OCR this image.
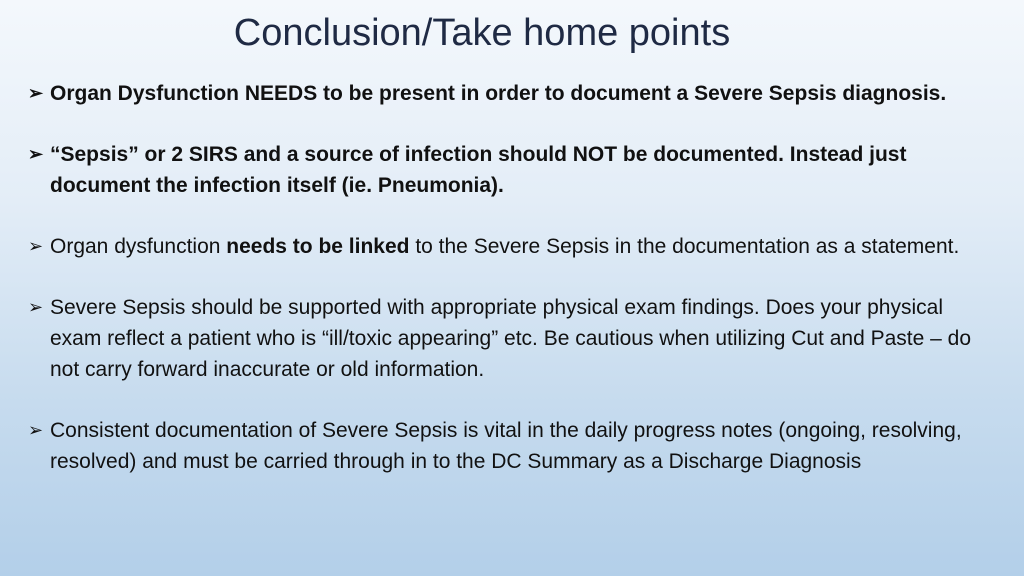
Conclusion/Take home points
➢ Organ Dysfunction NEEDS to be present in order to document a Severe Sepsis diagnosis.
➢ “Sepsis” or 2 SIRS and a source of infection should NOT be documented. Instead just document the infection itself (ie. Pneumonia).
➢ Organ dysfunction needs to be linked to the Severe Sepsis in the documentation as a statement.
➢ Severe Sepsis should be supported with appropriate physical exam findings. Does your physical exam reflect a patient who is “ill/toxic appearing” etc. Be cautious when utilizing Cut and Paste – do not carry forward inaccurate or old information.
➢ Consistent documentation of Severe Sepsis is vital in the daily progress notes (ongoing, resolving, resolved) and must be carried through in to the DC Summary as a Discharge Diagnosis
